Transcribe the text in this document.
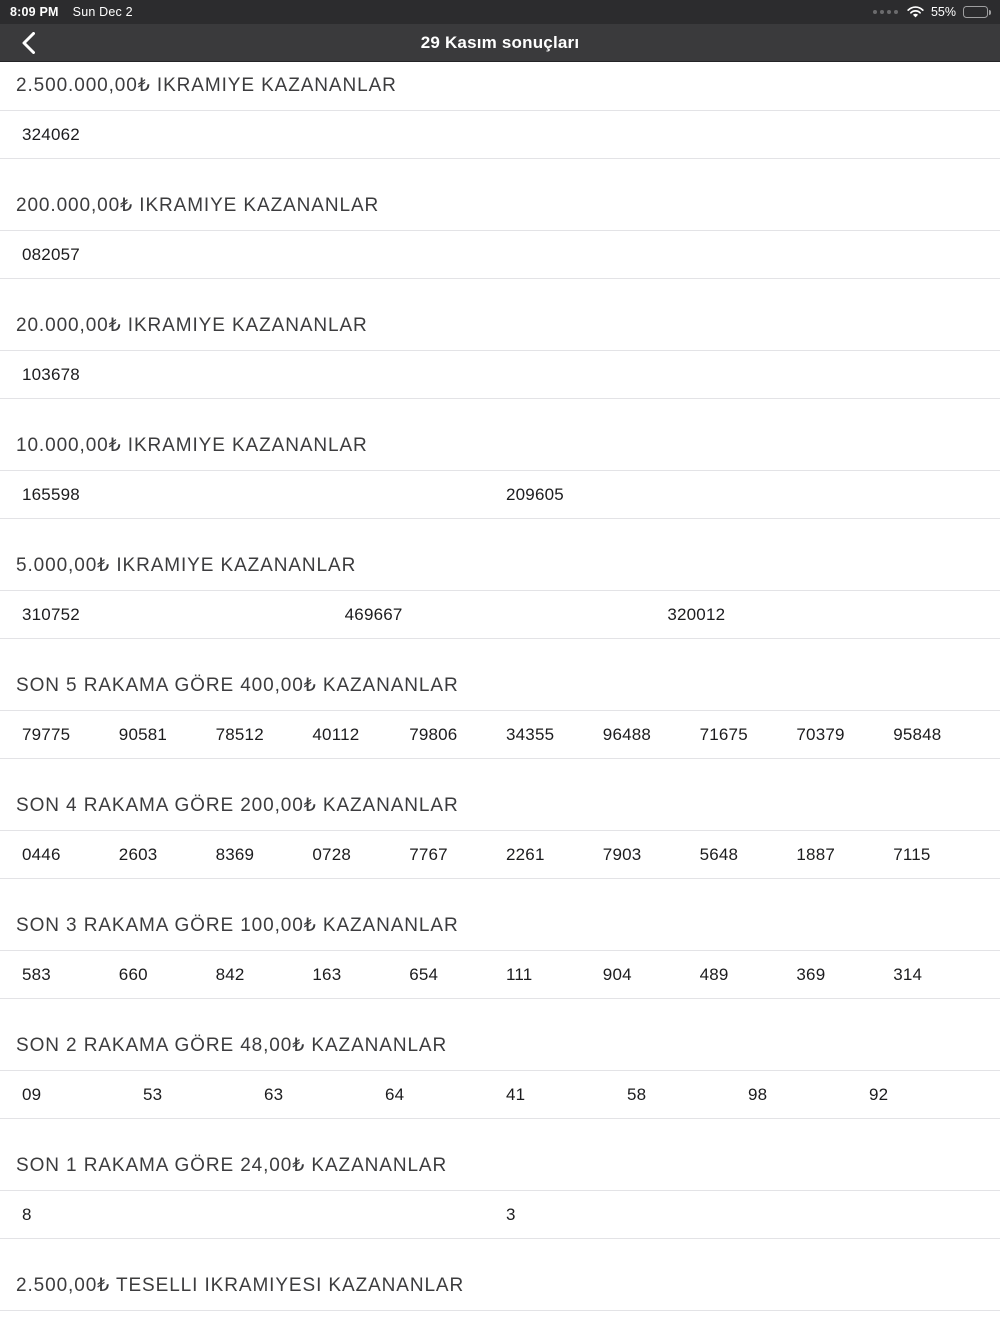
8:09 PM Sun Dec 2	55%
29 Kasım sonuçları
2.500.000,00₺ IKRAMIYE KAZANANLAR
324062
200.000,00₺ IKRAMIYE KAZANANLAR
082057
20.000,00₺ IKRAMIYE KAZANANLAR
103678
10.000,00₺ IKRAMIYE KAZANANLAR
165598	209605
5.000,00₺ IKRAMIYE KAZANANLAR
310752	469667	320012
SON 5 RAKAMA GÖRE 400,00₺ KAZANANLAR
79775	90581	78512	40112	79806	34355	96488	71675	70379	95848
SON 4 RAKAMA GÖRE 200,00₺ KAZANANLAR
0446	2603	8369	0728	7767	2261	7903	5648	1887	7115
SON 3 RAKAMA GÖRE 100,00₺ KAZANANLAR
583	660	842	163	654	111	904	489	369	314
SON 2 RAKAMA GÖRE 48,00₺ KAZANANLAR
09	53	63	64	41	58	98	92
SON 1 RAKAMA GÖRE 24,00₺ KAZANANLAR
8	3
2.500,00₺ TESELLI IKRAMIYESI KAZANANLAR
